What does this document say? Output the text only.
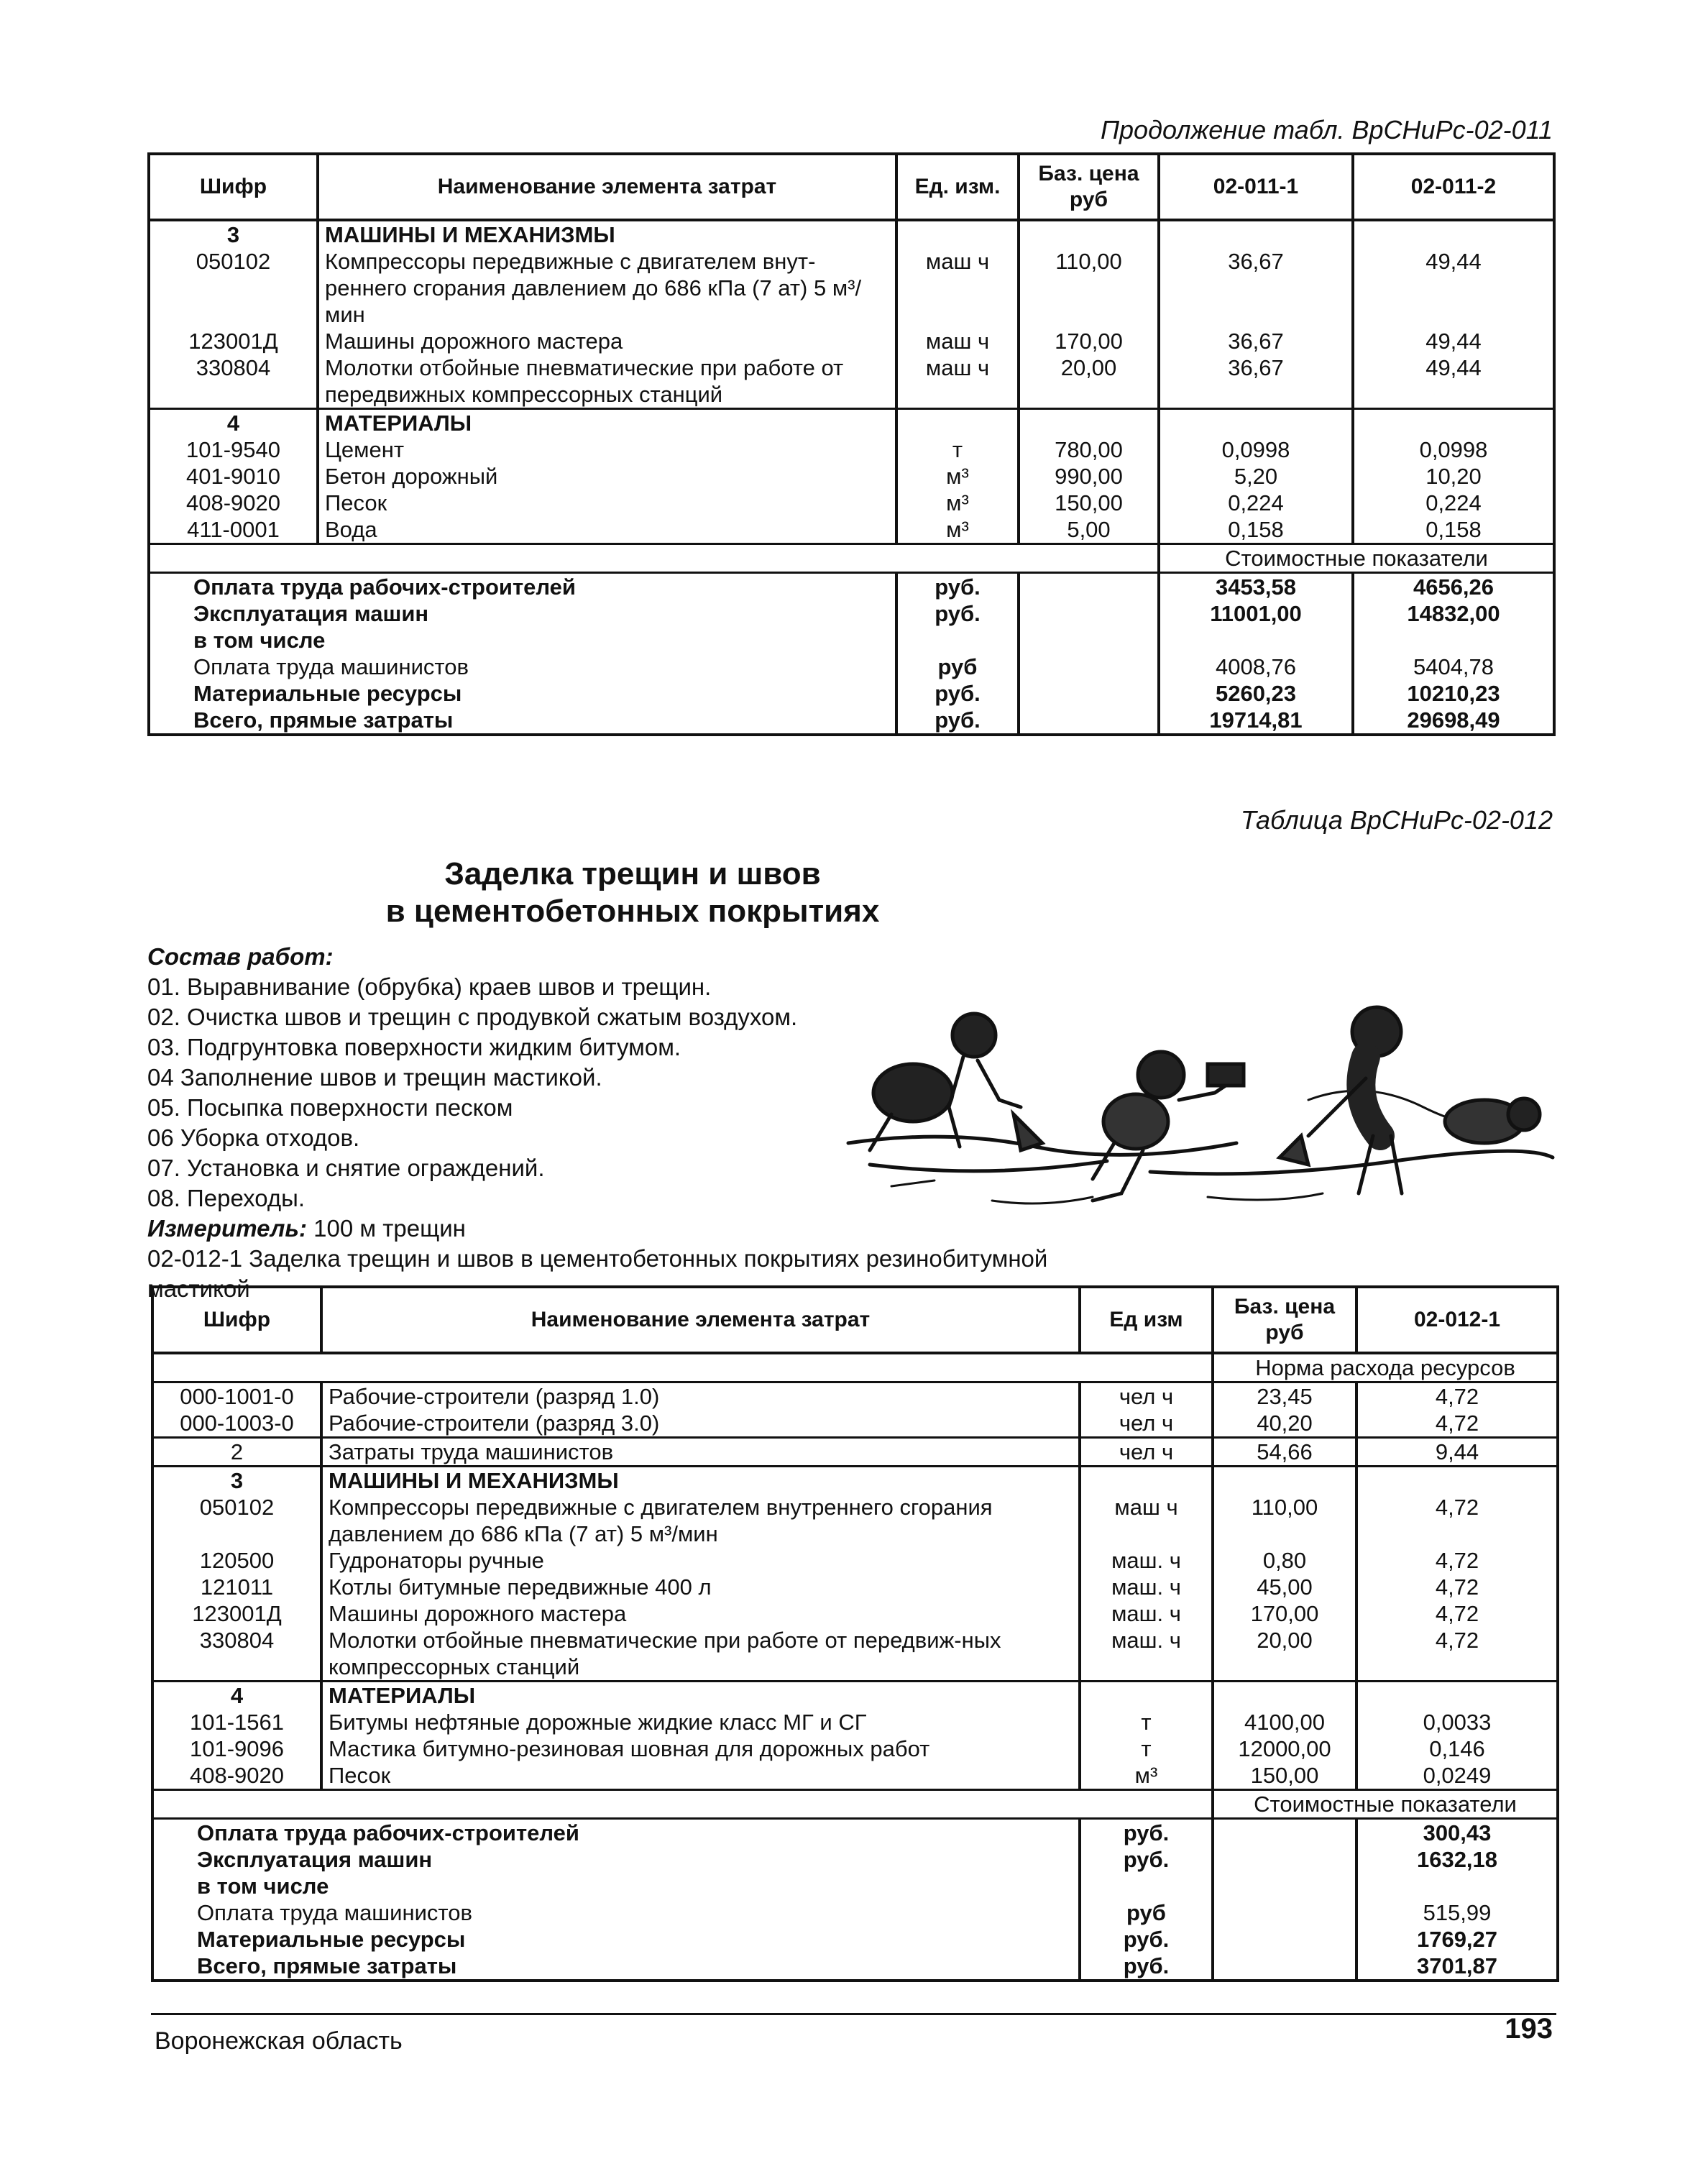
Продолжение табл. ВрСНиРс-02-011
Шифр	Наименование элемента затрат	Ед. изм.	Баз. цена руб	02-011-1	02-011-2
3	МАШИНЫ И МЕХАНИЗМЫ				
050102	Компрессоры передвижные с двигателем внут-реннего сгорания давлением до 686 кПа (7 ат) 5 м³/мин	маш ч	110,00	36,67	49,44
123001Д	Машины дорожного мастера	маш ч	170,00	36,67	49,44
330804	Молотки отбойные пневматические при работе от передвижных компрессорных станций	маш ч	20,00	36,67	49,44
4	МАТЕРИАЛЫ				
101-9540	Цемент	т	780,00	0,0998	0,0998
401-9010	Бетон дорожный	м³	990,00	5,20	10,20
408-9020	Песок	м³	150,00	0,224	0,224
411-0001	Вода	м³	5,00	0,158	0,158
				Стоимостные показатели	
Оплата труда рабочих-строителей		руб.		3453,58	4656,26
Эксплуатация машин		руб.		11001,00	14832,00
в том числе					
Оплата труда машинистов		руб		4008,76	5404,78
Материальные ресурсы		руб.		5260,23	10210,23
Всего, прямые затраты		руб.		19714,81	29698,49
Таблица ВрСНиРс-02-012
Заделка трещин и швов
в цементобетонных покрытиях
Состав работ:
01. Выравнивание (обрубка) краев швов и трещин.
02. Очистка швов и трещин с продувкой сжатым воздухом.
03. Подгрунтовка поверхности жидким битумом.
04 Заполнение швов и трещин мастикой.
05. Посыпка поверхности песком
06 Уборка отходов.
07. Установка и снятие ограждений.
08. Переходы.
Измеритель: 100 м трещин
02-012-1 Заделка трещин и швов в цементобетонных покрытиях резинобитумной мастикой
Шифр	Наименование элемента затрат	Ед изм	Баз. цена руб	02-012-1
			Норма расхода ресурсов	
000-1001-0	Рабочие-строители (разряд 1.0)	чел ч	23,45	4,72
000-1003-0	Рабочие-строители (разряд 3.0)	чел ч	40,20	4,72
2	Затраты труда машинистов	чел ч	54,66	9,44
3	МАШИНЫ И МЕХАНИЗМЫ			
050102	Компрессоры передвижные с двигателем внутреннего сгорания давлением до 686 кПа (7 ат) 5 м³/мин	маш ч	110,00	4,72
120500	Гудронаторы ручные	маш. ч	0,80	4,72
121011	Котлы битумные передвижные 400 л	маш. ч	45,00	4,72
123001Д	Машины дорожного мастера	маш. ч	170,00	4,72
330804	Молотки отбойные пневматические при работе от передвиж-ных компрессорных станций	маш. ч	20,00	4,72
4	МАТЕРИАЛЫ			
101-1561	Битумы нефтяные дорожные жидкие класс МГ и СГ	т	4100,00	0,0033
101-9096	Мастика битумно-резиновая шовная для дорожных работ	т	12000,00	0,146
408-9020	Песок	м³	150,00	0,0249
			Стоимостные показатели	
Оплата труда рабочих-строителей		руб.		300,43
Эксплуатация машин		руб.		1632,18
в том числе				
Оплата труда машинистов		руб		515,99
Материальные ресурсы		руб.		1769,27
Всего, прямые затраты		руб.		3701,87
Воронежская область	193
